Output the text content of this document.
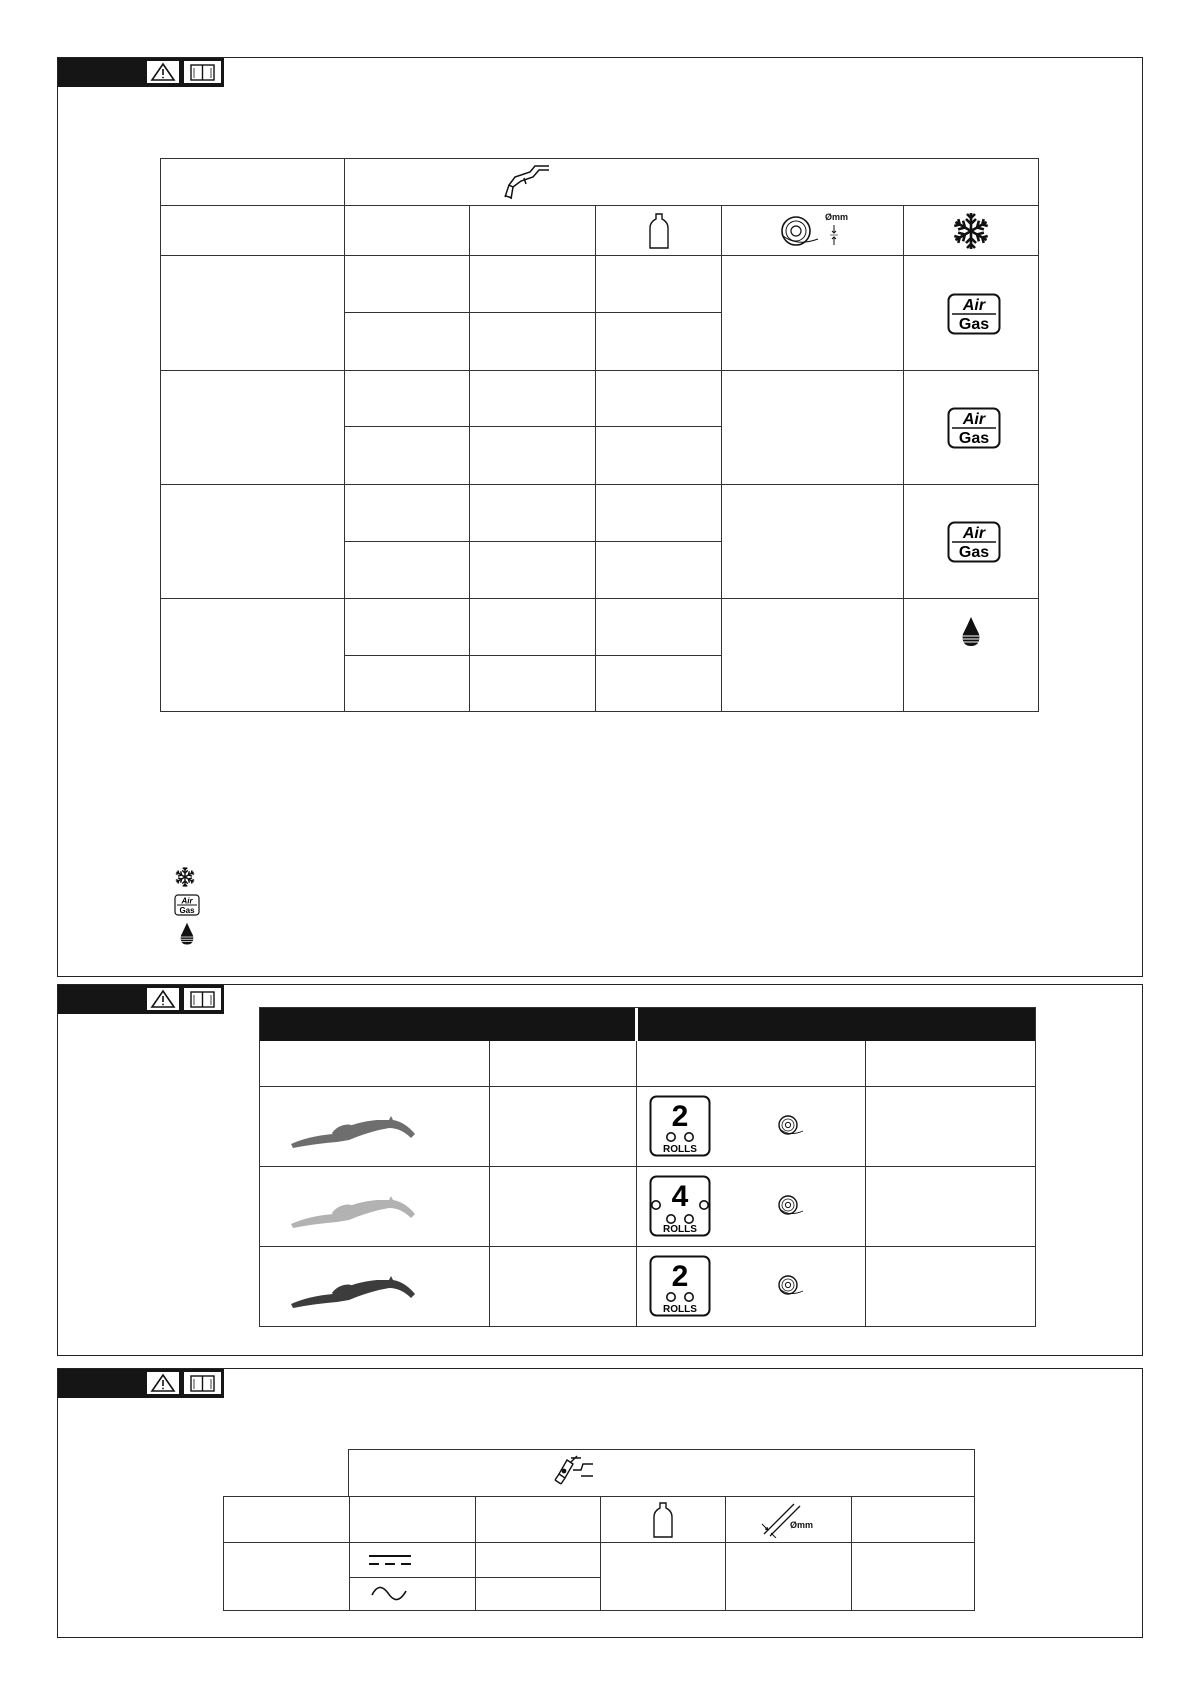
Ømm
Air
Gas
Air
Gas
Air
Gas
Air
Gas
2
ROLLS
4
ROLLS
2
ROLLS
Ømm
